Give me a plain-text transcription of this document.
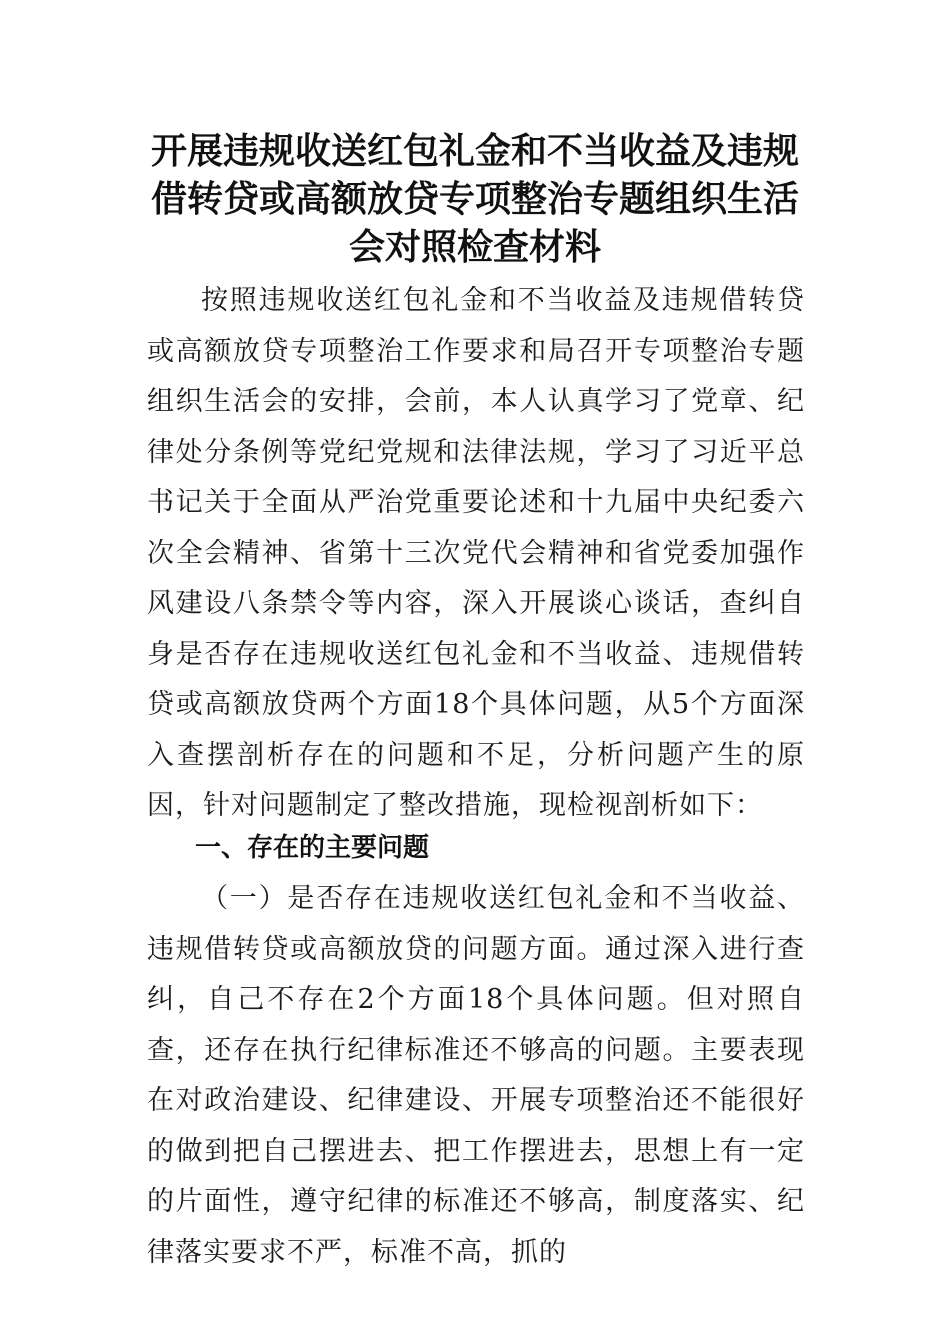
开展违规收送红包礼金和不当收益及违规
借转贷或高额放贷专项整治专题组织生活
会对照检查材料

按照违规收送红包礼金和不当收益及违规借转贷或高额放贷专项整治工作要求和局召开专项整治专题组织生活会的安排，会前，本人认真学习了党章、纪律处分条例等党纪党规和法律法规，学习了习近平总书记关于全面从严治党重要论述和十九届中央纪委六次全会精神、省第十三次党代会精神和省党委加强作风建设八条禁令等内容，深入开展谈心谈话，查纠自身是否存在违规收送红包礼金和不当收益、违规借转贷或高额放贷两个方面18个具体问题，从5个方面深入查摆剖析存在的问题和不足，分析问题产生的原因，针对问题制定了整改措施，现检视剖析如下：

一、存在的主要问题

（一）是否存在违规收送红包礼金和不当收益、违规借转贷或高额放贷的问题方面。通过深入进行查纠，自己不存在2个方面18个具体问题。但对照自查，还存在执行纪律标准还不够高的问题。主要表现在对政治建设、纪律建设、开展专项整治还不能很好的做到把自己摆进去、把工作摆进去，思想上有一定的片面性，遵守纪律的标准还不够高，制度落实、纪律落实要求不严，标准不高，抓的
